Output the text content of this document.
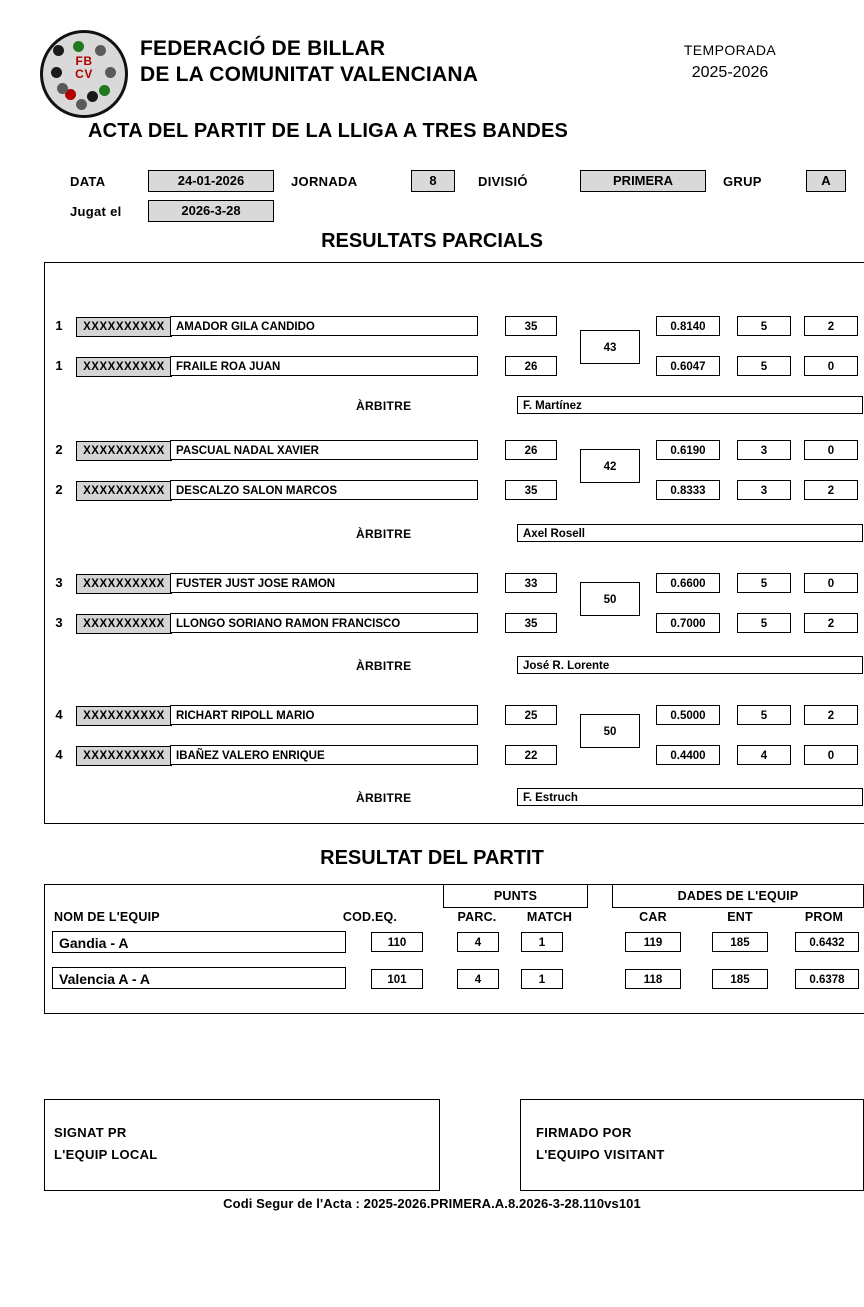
FB
CV
FEDERACIÓ DE BILLAR
DE LA COMUNITAT VALENCIANA
TEMPORADA
2025-2026
ACTA DEL PARTIT DE LA LLIGA A TRES BANDES
DATA	24-01-2026	JORNADA	8	DIVISIÓ	PRIMERA	GRUP	A
Jugat el	2026-3-28
RESULTATS PARCIALS
1	XXXXXXXXXX AMADOR GILA CANDIDO	35	0.8140	5	2
43
1	XXXXXXXXXX FRAILE ROA JUAN	26	0.6047	5	0
ÀRBITRE	F. Martínez
2	XXXXXXXXXX PASCUAL NADAL XAVIER	26	0.6190	3	0
42
2	XXXXXXXXXX DESCALZO SALON MARCOS	35	0.8333	3	2
ÀRBITRE	Axel Rosell
3	XXXXXXXXXX FUSTER JUST JOSE RAMON	33	0.6600	5	0
50
3	XXXXXXXXXX LLONGO SORIANO RAMON FRANCISCO	35	0.7000	5	2
ÀRBITRE	José R. Lorente
4	XXXXXXXXXX RICHART RIPOLL MARIO	25	0.5000	5	2
50
4	XXXXXXXXXX IBAÑEZ VALERO ENRIQUE	22	0.4400	4	0
ÀRBITRE	F. Estruch
RESULTAT DEL PARTIT
PUNTS	DADES DE L'EQUIP
NOM DE L'EQUIP	COD.EQ.	PARC.	MATCH	CAR	ENT	PROM
Gandia - A	110	4	1	119	185	0.6432
Valencia A - A	101	4	1	118	185	0.6378
SIGNAT PR
L'EQUIP LOCAL
FIRMADO POR
L'EQUIPO VISITANT
Codi Segur de l'Acta : 2025-2026.PRIMERA.A.8.2026-3-28.110vs101
